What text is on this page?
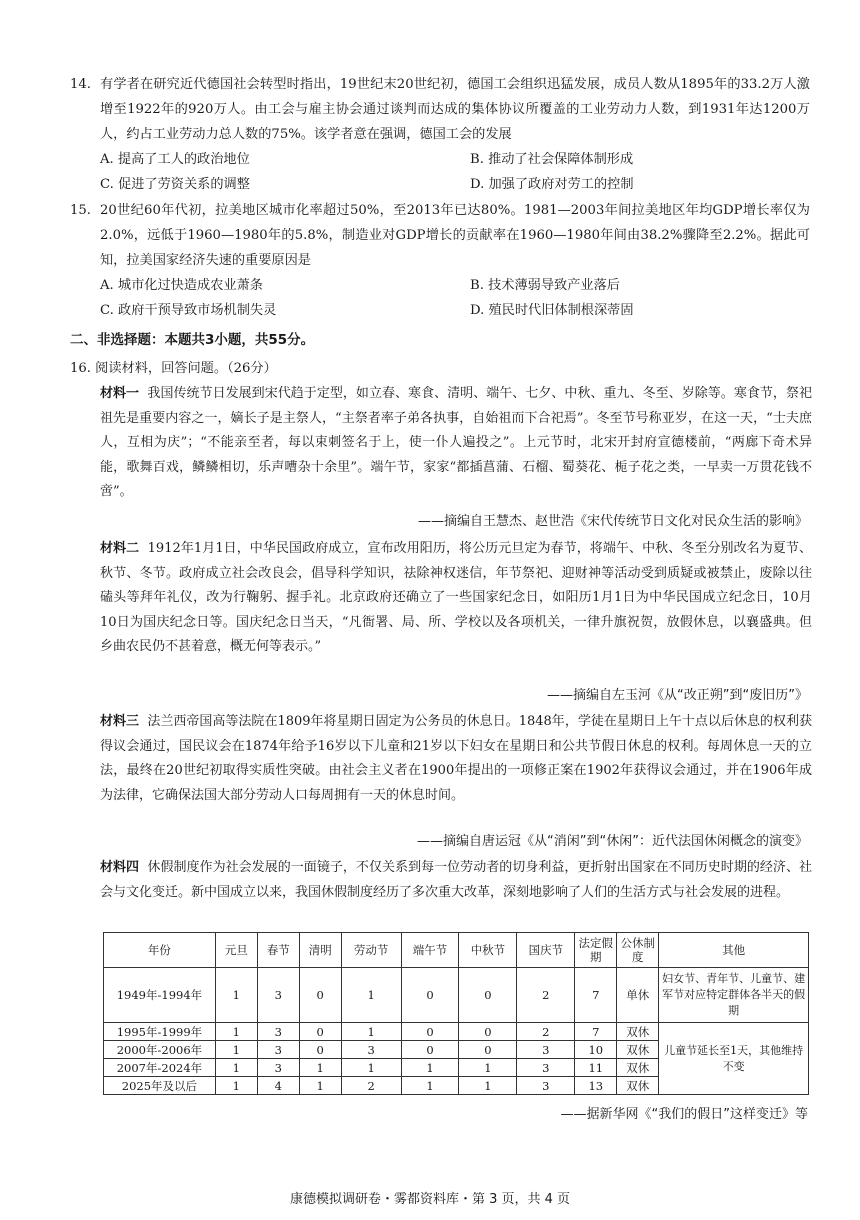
14. 有学者在研究近代德国社会转型时指出，19世纪末20世纪初，德国工会组织迅猛发展，成员人数从1895年的33.2万人激增至1922年的920万人。由工会与雇主协会通过谈判而达成的集体协议所覆盖的工业劳动力人数，到1931年达1200万人，约占工业劳动力总人数的75%。该学者意在强调，德国工会的发展
A. 提高了工人的政治地位	B. 推动了社会保障体制形成
C. 促进了劳资关系的调整	D. 加强了政府对劳工的控制
15. 20世纪60年代初，拉美地区城市化率超过50%，至2013年已达80%。1981—2003年间拉美地区年均GDP增长率仅为2.0%，远低于1960—1980年的5.8%，制造业对GDP增长的贡献率在1960—1980年间由38.2%骤降至2.2%。据此可知，拉美国家经济失速的重要原因是
A. 城市化过快造成农业萧条	B. 技术薄弱导致产业落后
C. 政府干预导致市场机制失灵	D. 殖民时代旧体制根深蒂固
二、非选择题：本题共3小题，共55分。
16. 阅读材料，回答问题。（26分）
材料一 我国传统节日发展到宋代趋于定型，如立春、寒食、清明、端午、七夕、中秋、重九、冬至、岁除等。寒食节，祭祀祖先是重要内容之一，嫡长子是主祭人，“主祭者率子弟各执事，自始祖而下合祀焉”。冬至节号称亚岁，在这一天，“士夫庶人，互相为庆”；“不能亲至者，每以束刺签名于上，使一仆人遍投之”。上元节时，北宋开封府宣德楼前，“两廊下奇术异能，歌舞百戏，鳞鳞相切，乐声嘈杂十余里”。端午节，家家“都插菖蒲、石榴、蜀葵花、栀子花之类，一早卖一万贯花钱不啻”。
——摘编自王慧杰、赵世浩《宋代传统节日文化对民众生活的影响》
材料二 1912年1月1日，中华民国政府成立，宣布改用阳历，将公历元旦定为春节，将端午、中秋、冬至分别改名为夏节、秋节、冬节。政府成立社会改良会，倡导科学知识，祛除神权迷信，年节祭祀、迎财神等活动受到质疑或被禁止，废除以往磕头等拜年礼仪，改为行鞠躬、握手礼。北京政府还确立了一些国家纪念日，如阳历1月1日为中华民国成立纪念日，10月10日为国庆纪念日等。国庆纪念日当天，“凡衙署、局、所、学校以及各项机关，一律升旗祝贺，放假休息，以襄盛典。但乡曲农民仍不甚着意，概无何等表示。”
——摘编自左玉河《从“改正朔”到“废旧历”》
材料三 法兰西帝国高等法院在1809年将星期日固定为公务员的休息日。1848年，学徒在星期日上午十点以后休息的权利获得议会通过，国民议会在1874年给予16岁以下儿童和21岁以下妇女在星期日和公共节假日休息的权利。每周休息一天的立法，最终在20世纪初取得实质性突破。由社会主义者在1900年提出的一项修正案在1902年获得议会通过，并在1906年成为法律，它确保法国大部分劳动人口每周拥有一天的休息时间。
——摘编自唐运冠《从“消闲”到“休闲”：近代法国休闲概念的演变》
材料四 休假制度作为社会发展的一面镜子，不仅关系到每一位劳动者的切身利益，更折射出国家在不同历史时期的经济、社会与文化变迁。新中国成立以来，我国休假制度经历了多次重大改革，深刻地影响了人们的生活方式与社会发展的进程。
年份	元旦	春节	清明	劳动节	端午节	中秋节	国庆节	法定假期	公休制度	其他
1949年-1994年	1	3	0	1	0	0	2	7	单休	妇女节、青年节、儿童节、建军节对应特定群体各半天的假期
1995年-1999年	1	3	0	1	0	0	2	7	双休	儿童节延长至1天，其他维持不变
2000年-2006年	1	3	0	3	0	0	3	10	双休	
2007年-2024年	1	3	1	1	1	1	3	11	双休	
2025年及以后	1	4	1	2	1	1	3	13	双休	
——据新华网《“我们的假日”这样变迁》等
康德模拟调研卷・雾都资料库・第 3 页，共 4 页
